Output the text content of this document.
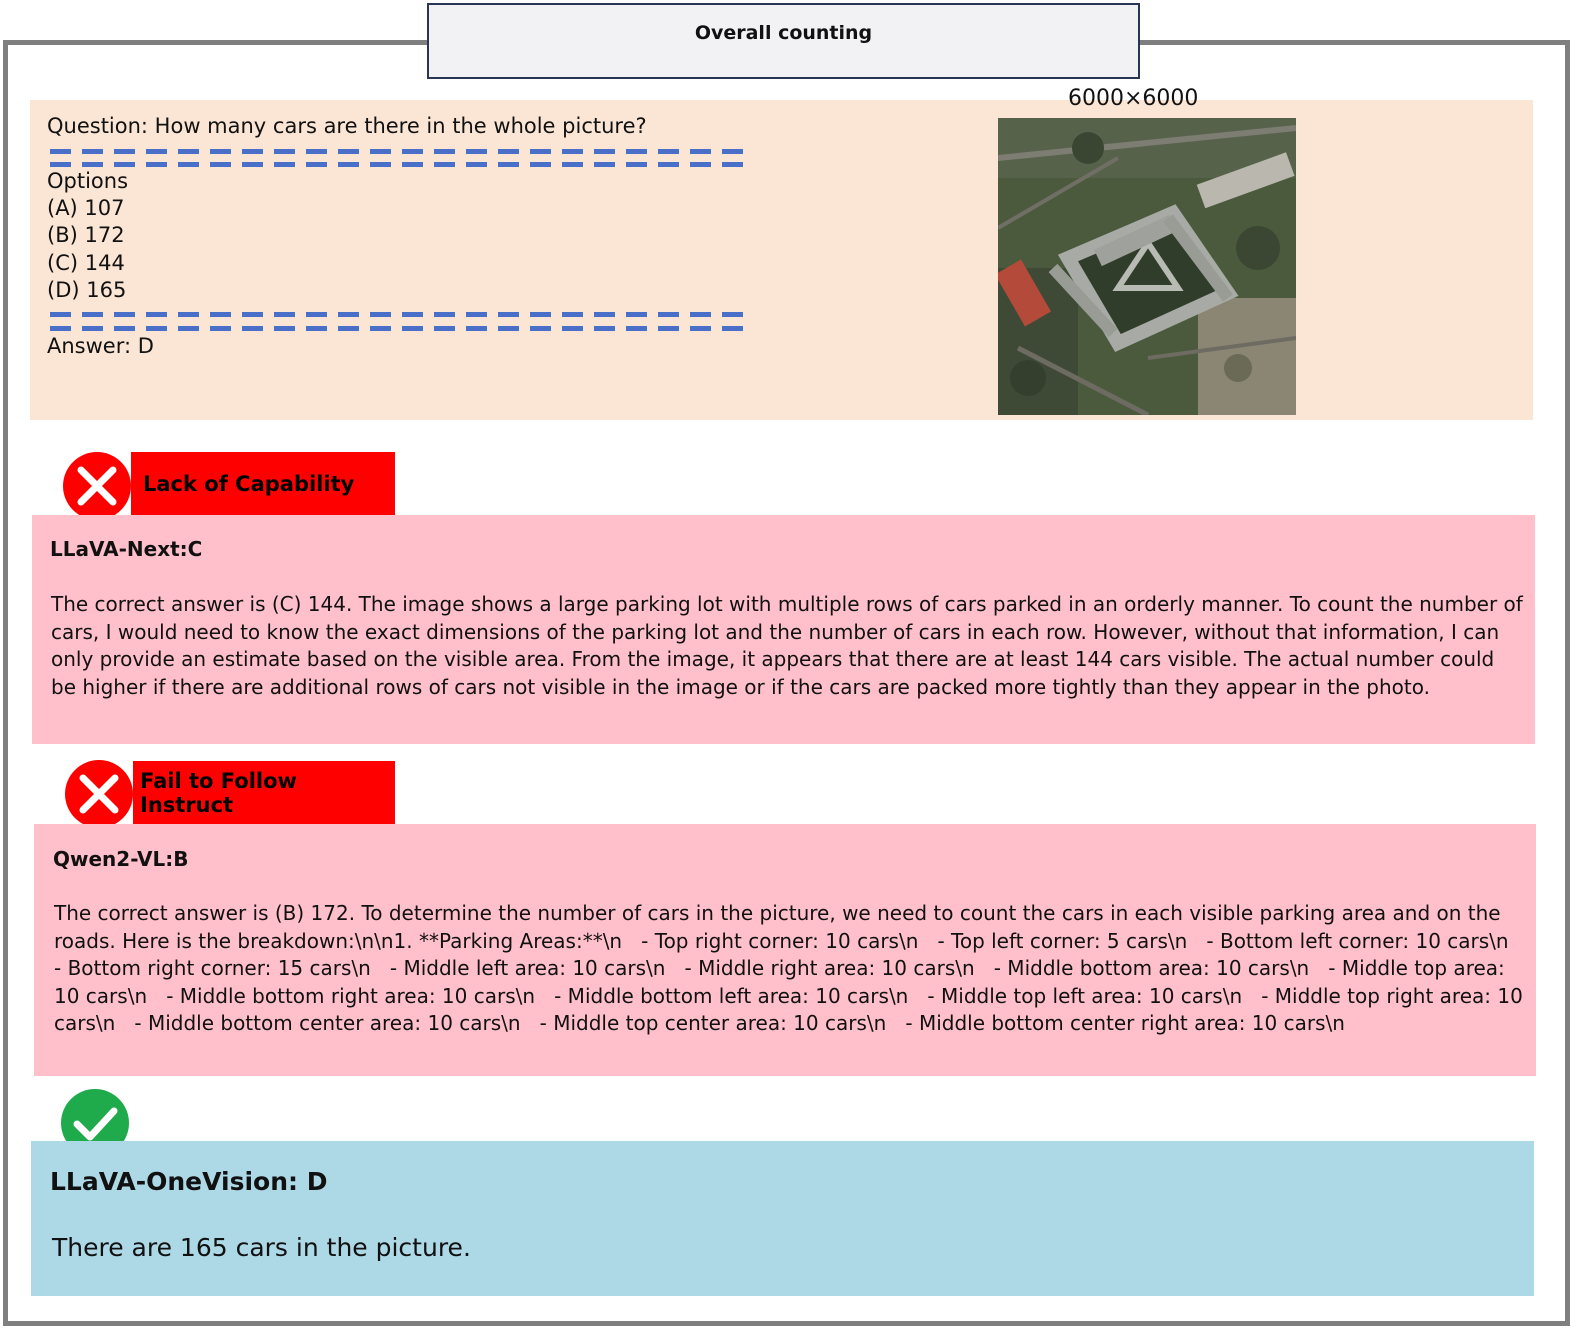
Overall counting
Question: How many cars are there in the whole picture?
Options
(A) 107
(B) 172
(C) 144
(D) 165
Answer: D
6000×6000
Lack of Capability
LLaVA-Next:C
The correct answer is (C) 144. The image shows a large parking lot with multiple rows of cars parked in an orderly manner. To count the number of cars, I would need to know the exact dimensions of the parking lot and the number of cars in each row. However, without that information, I can only provide an estimate based on the visible area. From the image, it appears that there are at least 144 cars visible. The actual number could be higher if there are additional rows of cars not visible in the image or if the cars are packed more tightly than they appear in the photo.
Fail to Follow Instruct
Qwen2-VL:B
The correct answer is (B) 172. To determine the number of cars in the picture, we need to count the cars in each visible parking area and on the roads. Here is the breakdown:\n\n1. **Parking Areas:**\n   - Top right corner: 10 cars\n   - Top left corner: 5 cars\n   - Bottom left corner: 10 cars\n   - Bottom right corner: 15 cars\n   - Middle left area: 10 cars\n   - Middle right area: 10 cars\n   - Middle bottom area: 10 cars\n   - Middle top area: 10 cars\n   - Middle bottom right area: 10 cars\n   - Middle bottom left area: 10 cars\n   - Middle top left area: 10 cars\n   - Middle top right area: 10 cars\n   - Middle bottom center area: 10 cars\n   - Middle top center area: 10 cars\n   - Middle bottom center right area: 10 cars\n
LLaVA-OneVision: D
There are 165 cars in the picture.
